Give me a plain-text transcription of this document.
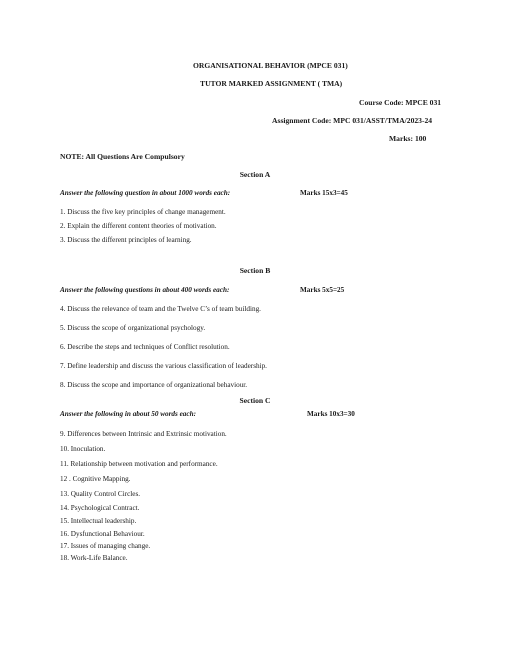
ORGANISATIONAL BEHAVIOR (MPCE 031)
TUTOR MARKED ASSIGNMENT ( TMA)
Course Code: MPCE 031
Assignment Code: MPC 031/ASST/TMA/2023-24
Marks: 100
NOTE: All Questions Are Compulsory
Section A
Answer the following question in about 1000 words each:	Marks 15x3=45
1. Discuss the five key principles of change management.
2. Explain the different content theories of motivation.
3. Discuss the different principles of learning.
Section B
Answer the following questions in about 400 words each:	Marks 5x5=25
4. Discuss the relevance of team and the Twelve C’s of team building.
5. Discuss the scope of organizational psychology.
6. Describe the steps and techniques of Conflict resolution.
7. Define leadership and discuss the various classification of leadership.
8. Discuss the scope and importance of organizational behaviour.
Section C
Answer the following in about 50 words each:	Marks 10x3=30
9. Differences between Intrinsic and Extrinsic motivation.
10. Inoculation.
11. Relationship between motivation and performance.
12 . Cognitive Mapping.
13. Quality Control Circles.
14. Psychological Contract.
15. Intellectual leadership.
16. Dysfunctional Behaviour.
17. Issues of managing change.
18. Work-Life Balance.
